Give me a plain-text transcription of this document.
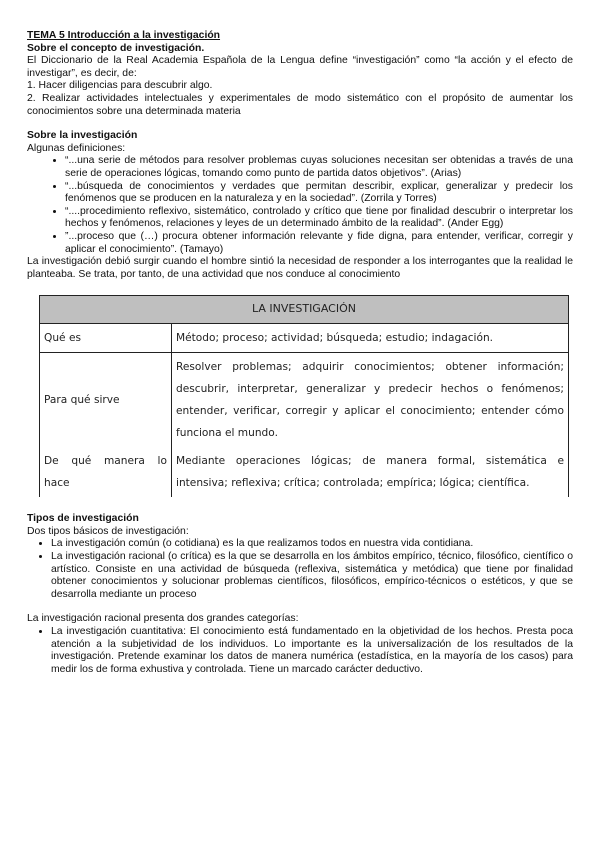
TEMA 5 Introducción a la investigación
Sobre el concepto de investigación.

El Diccionario de la Real Academia Española de la Lengua define “investigación” como “la acción y el efecto de investigar”, es decir, de:

1. Hacer diligencias para descubrir algo.

2. Realizar actividades intelectuales y experimentales de modo sistemático con el propósito de aumentar los conocimientos sobre una determinada materia

Sobre la investigación

Algunas definiciones:

• “...una serie de métodos para resolver problemas cuyas soluciones necesitan ser obtenidas a través de una serie de operaciones lógicas, tomando como punto de partida datos objetivos”. (Arias)
• “...búsqueda de conocimientos y verdades que permitan describir, explicar, generalizar y predecir los fenómenos que se producen en la naturaleza y en la sociedad”. (Zorrila y Torres)
• “....procedimiento reflexivo, sistemático, controlado y crítico que tiene por finalidad descubrir o interpretar los hechos y fenómenos, relaciones y leyes de un determinado ámbito de la realidad”. (Ander Egg)
• ”...proceso que (…) procura obtener información relevante y fide digna, para entender, verificar, corregir y aplicar el conocimiento”. (Tamayo)

La investigación debió surgir cuando el hombre sintió la necesidad de responder a los interrogantes que la realidad le planteaba. Se trata, por tanto, de una actividad que nos conduce al conocimiento

LA INVESTIGACIÓN	
Qué es	Método; proceso; actividad; búsqueda; estudio; indagación.
Para qué sirve	Resolver problemas; adquirir conocimientos; obtener información; descubrir, interpretar, generalizar y predecir hechos o fenómenos; entender, verificar, corregir y aplicar el conocimiento; entender cómo funciona el mundo.
De qué manera lo hace	Mediante operaciones lógicas; de manera formal, sistemática e intensiva; reflexiva; crítica; controlada; empírica; lógica; científica.
Tipos de investigación

Dos tipos básicos de investigación:

• La investigación común (o cotidiana) es la que realizamos todos en nuestra vida contidiana.
• La investigación racional (o crítica) es la que se desarrolla en los ámbitos empírico, técnico, filosófico, científico o artístico. Consiste en una actividad de búsqueda (reflexiva, sistemática y metódica) que tiene por finalidad obtener conocimientos y solucionar problemas científicos, filosóficos, empírico-técnicos o estéticos, y que se desarrolla mediante un proceso

La investigación racional presenta dos grandes categorías:

• La investigación cuantitativa: El conocimiento está fundamentado en la objetividad de los hechos. Presta poca atención a la subjetividad de los individuos. Lo importante es la universalización de los resultados de la investigación. Pretende examinar los datos de manera numérica (estadística, en la mayoría de los casos) para medir los de forma exhustiva y controlada. Tiene un marcado carácter deductivo.
